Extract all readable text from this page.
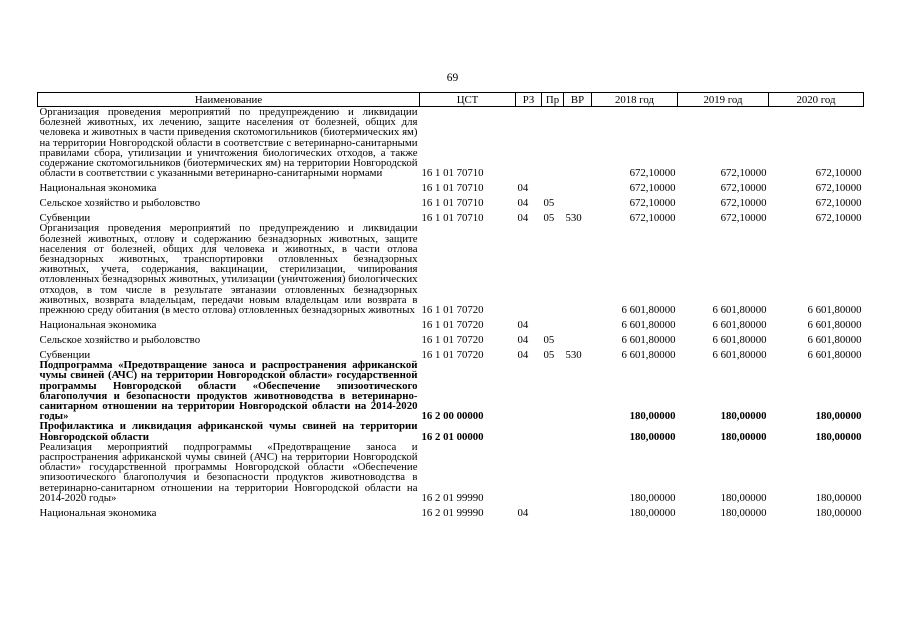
69
Наименование	ЦСТ	РЗ	Пр	ВР	2018 год	2019 год	2020 год
Организация проведения мероприятий по предупреждению и ликвидации болезней животных, их лечению, защите населения от болезней, общих для человека и животных в части приведения скотомогильников (биотермических ям) на территории Новгородской области в соответствие с ветеринарно-санитарными правилами сбора, утилизации и уничтожения биологических отходов, а также содержание скотомогильников (биотермических ям) на территории Новгородской области в соответствии с указанными ветеринарно-санитарными нормами	16 1 01 70710				672,10000	672,10000	672,10000
Национальная экономика	16 1 01 70710	04			672,10000	672,10000	672,10000
Сельское хозяйство и рыболовство	16 1 01 70710	04	05		672,10000	672,10000	672,10000
Субвенции	16 1 01 70710	04	05	530	672,10000	672,10000	672,10000
Организация проведения мероприятий по предупреждению и ликвидации болезней животных, отлову и содержанию безнадзорных животных, защите населения от болезней, общих для человека и животных, в части отлова безнадзорных животных, транспортировки отловленных безнадзорных животных, учета, содержания, вакцинации, стерилизации, чипирования отловленных безнадзорных животных, утилизации (уничтожения) биологических отходов, в том числе в результате эвтаназии отловленных безнадзорных животных, возврата владельцам, передачи новым владельцам или возврата в прежнюю среду обитания (в место отлова) отловленных безнадзорных животных	16 1 01 70720				6 601,80000	6 601,80000	6 601,80000
Национальная экономика	16 1 01 70720	04			6 601,80000	6 601,80000	6 601,80000
Сельское хозяйство и рыболовство	16 1 01 70720	04	05		6 601,80000	6 601,80000	6 601,80000
Субвенции	16 1 01 70720	04	05	530	6 601,80000	6 601,80000	6 601,80000
Подпрограмма «Предотвращение заноса и распространения африканской чумы свиней (АЧС) на территории Новгородской области» государственной программы Новгородской области «Обеспечение эпизоотического благополучия и безопасности продуктов животноводства в ветеринарно-санитарном отношении на территории Новгородской области на 2014-2020 годы»	16 2 00 00000				180,00000	180,00000	180,00000
Профилактика и ликвидация африканской чумы свиней на территории Новгородской области	16 2 01 00000				180,00000	180,00000	180,00000
Реализация мероприятий подпрограммы «Предотвращение заноса и распространения африканской чумы свиней (АЧС) на территории Новгородской области» государственной программы Новгородской области «Обеспечение эпизоотического благополучия и безопасности продуктов животноводства в ветеринарно-санитарном отношении на территории Новгородской области на 2014-2020 годы»	16 2 01 99990				180,00000	180,00000	180,00000
Национальная экономика	16 2 01 99990	04			180,00000	180,00000	180,00000
